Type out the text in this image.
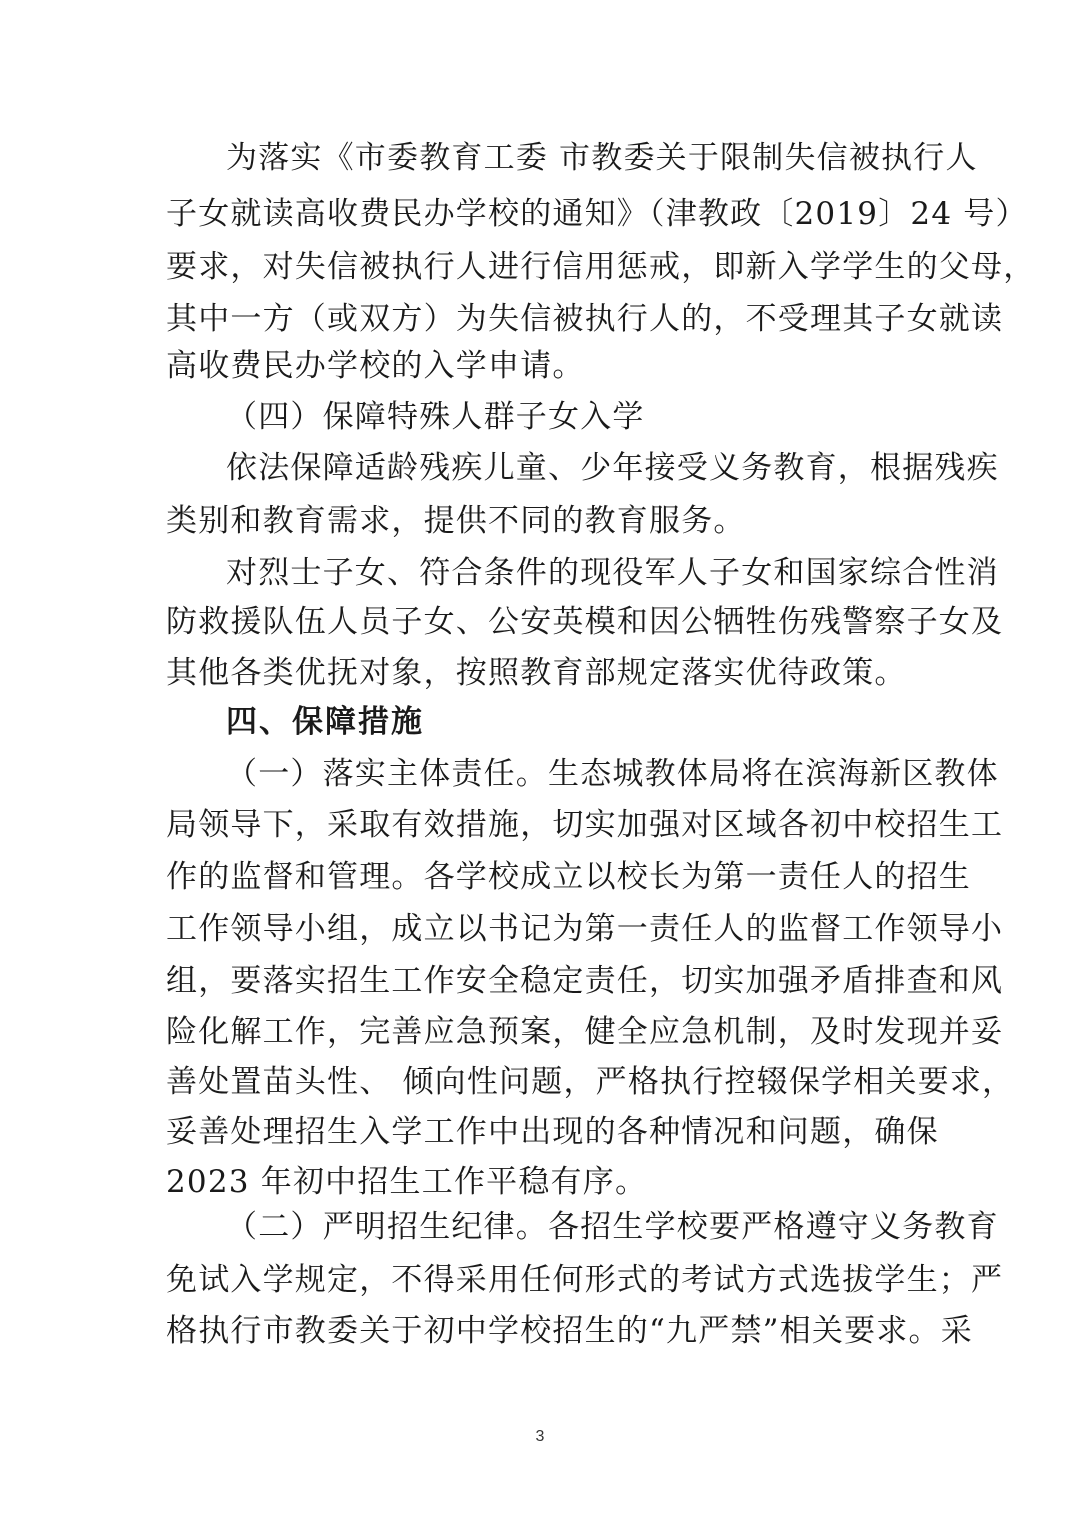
为落实《市委教育工委 市教委关于限制失信被执行人
子女就读高收费民办学校的通知》（津教政〔2019〕24 号）
要求，对失信被执行人进行信用惩戒，即新入学学生的父母，
其中一方（或双方）为失信被执行人的，不受理其子女就读
高收费民办学校的入学申请。
（四）保障特殊人群子女入学
依法保障适龄残疾儿童、少年接受义务教育，根据残疾
类别和教育需求，提供不同的教育服务。
对烈士子女、符合条件的现役军人子女和国家综合性消
防救援队伍人员子女、公安英模和因公牺牲伤残警察子女及
其他各类优抚对象，按照教育部规定落实优待政策。
四、保障措施
（一）落实主体责任。生态城教体局将在滨海新区教体
局领导下，采取有效措施，切实加强对区域各初中校招生工
作的监督和管理。各学校成立以校长为第一责任人的招生
工作领导小组，成立以书记为第一责任人的监督工作领导小
组，要落实招生工作安全稳定责任，切实加强矛盾排查和风
险化解工作，完善应急预案，健全应急机制，及时发现并妥
善处置苗头性、 倾向性问题，严格执行控辍保学相关要求，
妥善处理招生入学工作中出现的各种情况和问题，确保
2023 年初中招生工作平稳有序。
（二）严明招生纪律。各招生学校要严格遵守义务教育
免试入学规定，不得采用任何形式的考试方式选拔学生；严
格执行市教委关于初中学校招生的“九严禁”相关要求。采
3
